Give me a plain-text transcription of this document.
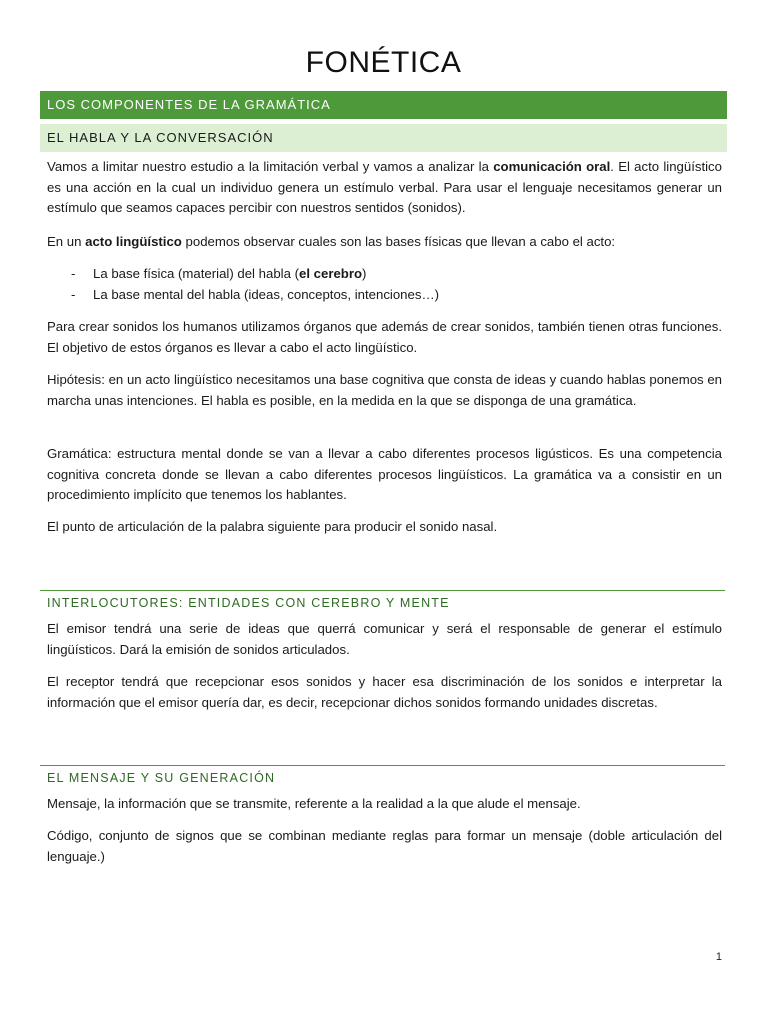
FONÉTICA
LOS COMPONENTES DE LA GRAMÁTICA
EL HABLA Y LA CONVERSACIÓN

Vamos a limitar nuestro estudio a la limitación verbal y vamos a analizar la comunicación oral. El acto lingüístico es una acción en la cual un individuo genera un estímulo verbal. Para usar el lenguaje necesitamos generar un estímulo que seamos capaces percibir con nuestros sentidos (sonidos).

En un acto lingüístico podemos observar cuales son las bases físicas que llevan a cabo el acto:

- La base física (material) del habla (el cerebro)
- La base mental del habla (ideas, conceptos, intenciones…)

Para crear sonidos los humanos utilizamos órganos que además de crear sonidos, también tienen otras funciones. El objetivo de estos órganos es llevar a cabo el acto lingüístico.

Hipótesis: en un acto lingüístico necesitamos una base cognitiva que consta de ideas y cuando hablas ponemos en marcha unas intenciones. El habla es posible, en la medida en la que se disponga de una gramática.

Gramática: estructura mental donde se van a llevar a cabo diferentes procesos ligústicos. Es una competencia cognitiva concreta donde se llevan a cabo diferentes procesos lingüísticos. La gramática va a consistir en un procedimiento implícito que tenemos los hablantes.

El punto de articulación de la palabra siguiente para producir el sonido nasal.

INTERLOCUTORES: ENTIDADES CON CEREBRO Y MENTE

El emisor tendrá una serie de ideas que querrá comunicar y será el responsable de generar el estímulo lingüísticos. Dará la emisión de sonidos articulados.

El receptor tendrá que recepcionar esos sonidos y hacer esa discriminación de los sonidos e interpretar la información que el emisor quería dar, es decir, recepcionar dichos sonidos formando unidades discretas.

EL MENSAJE Y SU GENERACIÓN

Mensaje, la información que se transmite, referente a la realidad a la que alude el mensaje.

Código, conjunto de signos que se combinan mediante reglas para formar un mensaje (doble articulación del lenguaje.)

1
